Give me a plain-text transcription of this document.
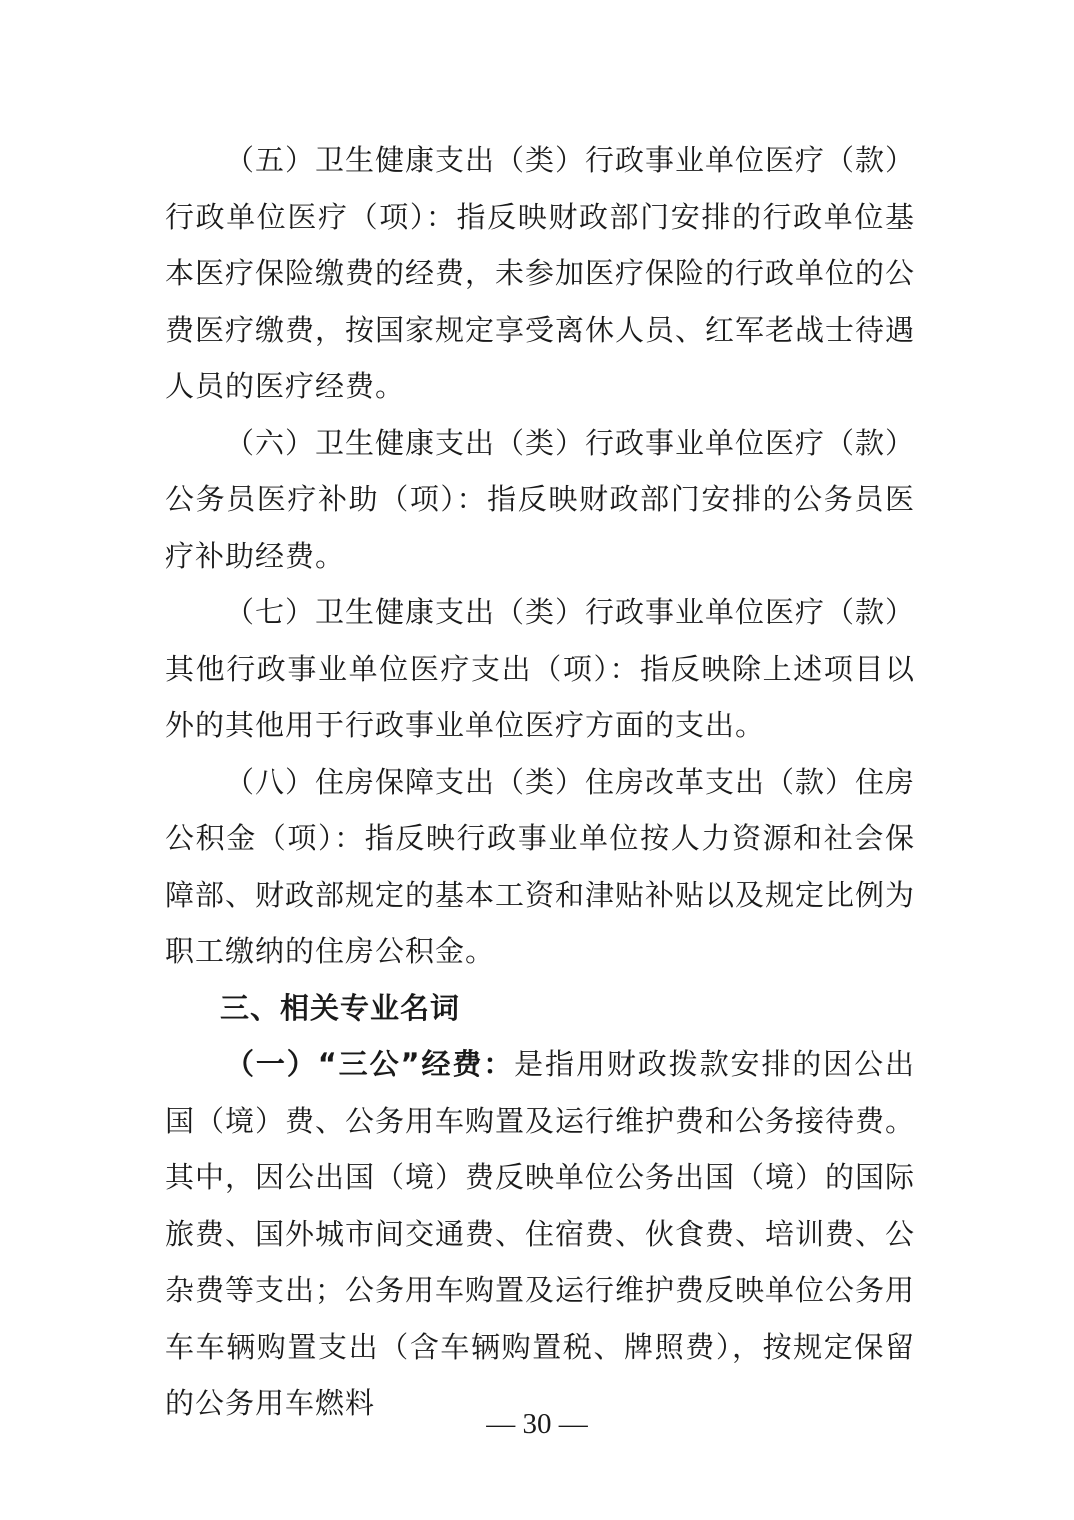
（五）卫生健康支出（类）行政事业单位医疗（款）行政单位医疗（项）：指反映财政部门安排的行政单位基本医疗保险缴费的经费，未参加医疗保险的行政单位的公费医疗缴费，按国家规定享受离休人员、红军老战士待遇人员的医疗经费。

（六）卫生健康支出（类）行政事业单位医疗（款）公务员医疗补助（项）：指反映财政部门安排的公务员医疗补助经费。

（七）卫生健康支出（类）行政事业单位医疗（款）其他行政事业单位医疗支出（项）：指反映除上述项目以外的其他用于行政事业单位医疗方面的支出。

（八）住房保障支出（类）住房改革支出（款）住房公积金（项）：指反映行政事业单位按人力资源和社会保障部、财政部规定的基本工资和津贴补贴以及规定比例为职工缴纳的住房公积金。

三、相关专业名词

（一）“三公”经费：是指用财政拨款安排的因公出国（境）费、公务用车购置及运行维护费和公务接待费。其中，因公出国（境）费反映单位公务出国（境）的国际旅费、国外城市间交通费、住宿费、伙食费、培训费、公杂费等支出；公务用车购置及运行维护费反映单位公务用车车辆购置支出（含车辆购置税、牌照费），按规定保留的公务用车燃料

— 30 —
